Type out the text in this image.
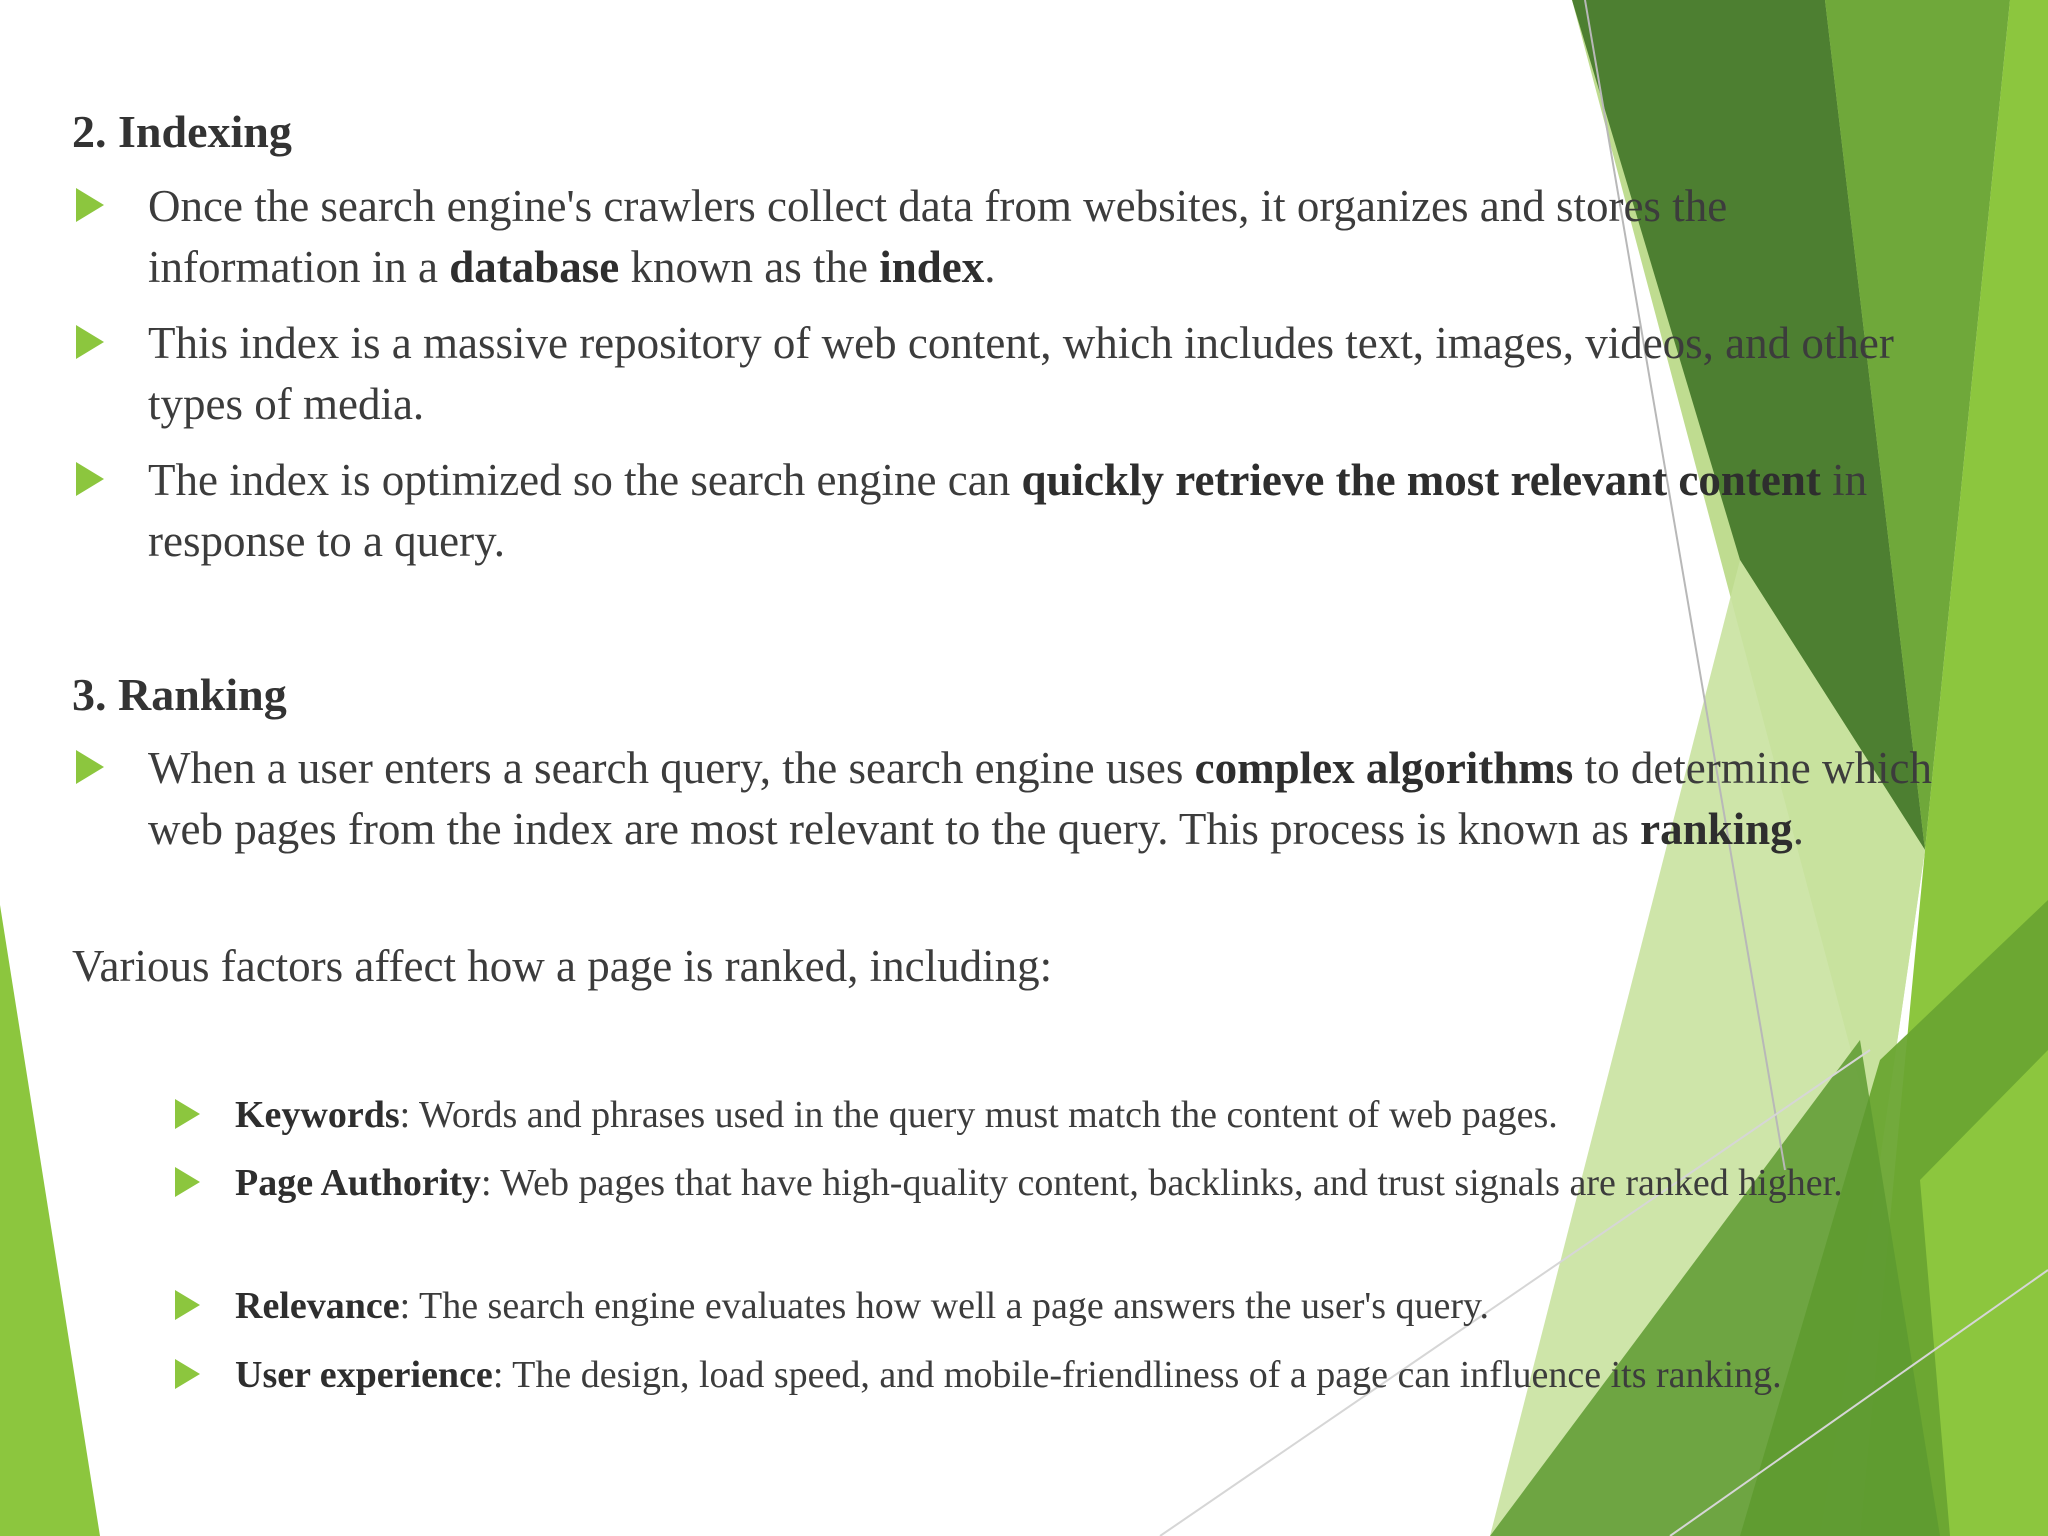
2. Indexing
Once the search engine's crawlers collect data from websites, it organizes and stores the information in a database known as the index.
This index is a massive repository of web content, which includes text, images, videos, and other types of media.
The index is optimized so the search engine can quickly retrieve the most relevant content in response to a query.
3. Ranking
When a user enters a search query, the search engine uses complex algorithms to determine which web pages from the index are most relevant to the query. This process is known as ranking.
Various factors affect how a page is ranked, including:
Keywords: Words and phrases used in the query must match the content of web pages.
Page Authority: Web pages that have high-quality content, backlinks, and trust signals are ranked higher.
Relevance: The search engine evaluates how well a page answers the user's query.
User experience: The design, load speed, and mobile-friendliness of a page can influence its ranking.
